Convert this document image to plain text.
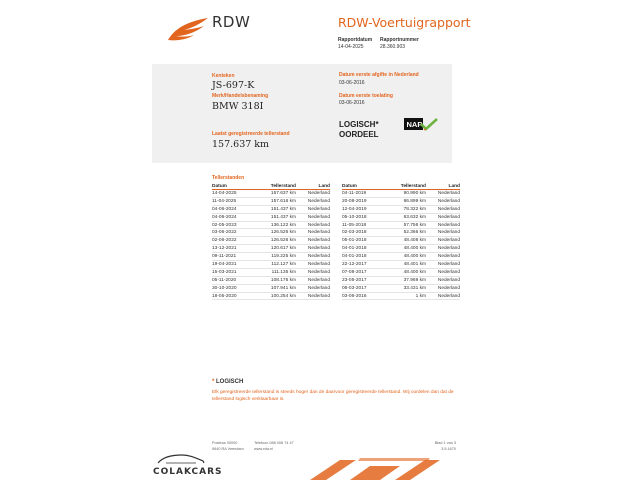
RDW	RDW-Voertuigrapport
Rapportdatum
14-04-2025
Rapportnummer
28.360.903
Kenteken
JS-697-K
Merk/Handelsbenaming
BMW 318I
Laatst geregistreerde tellerstand
157.637 km
Datum eerste afgifte in Nederland
03-06-2016
Datum eerste toelating
03-06-2016
LOGISCH*
OORDEEL
NAP
Tellerstanden
Datum	Tellerstand	Land
14-04-2025	157.637 km	Nederland
11-04-2025	157.616 km	Nederland
04-06-2024	151.437 km	Nederland
04-06-2024	151.437 km	Nederland
02-05-2023	136.122 km	Nederland
03-06-2022	126.526 km	Nederland
02-06-2022	126.526 km	Nederland
13-12-2021	120.617 km	Nederland
09-11-2021	119.225 km	Nederland
19-04-2021	112.127 km	Nederland
15-03-2021	111.135 km	Nederland
05-11-2020	108.176 km	Nederland
30-10-2020	107.941 km	Nederland
18-05-2020	100.254 km	Nederland
Datum	Tellerstand	Land
04-11-2019	90.990 km	Nederland
20-08-2019	86.899 km	Nederland
12-04-2019	78.322 km	Nederland
05-10-2018	63.632 km	Nederland
11-05-2018	57.756 km	Nederland
02-03-2018	52.366 km	Nederland
05-01-2018	48.408 km	Nederland
04-01-2018	48.400 km	Nederland
04-01-2018	48.400 km	Nederland
22-12-2017	48.401 km	Nederland
07-08-2017	48.400 km	Nederland
23-05-2017	37.969 km	Nederland
06-03-2017	33.431 km	Nederland
03-06-2016	1 km	Nederland
* LOGISCH
Elk geregistreerde tellerstand is steeds hoger dan de daarvoor geregistreerde tellerstand. Wij oordelen dan dat de tellerstand logisch verklaarbaar is.
Postbus 30000
9640 RA Veendam
Telefoon 088 008 74 47
www.rdw.nl
Blad 1 van 3
3.5.1670
COLAKCARS
